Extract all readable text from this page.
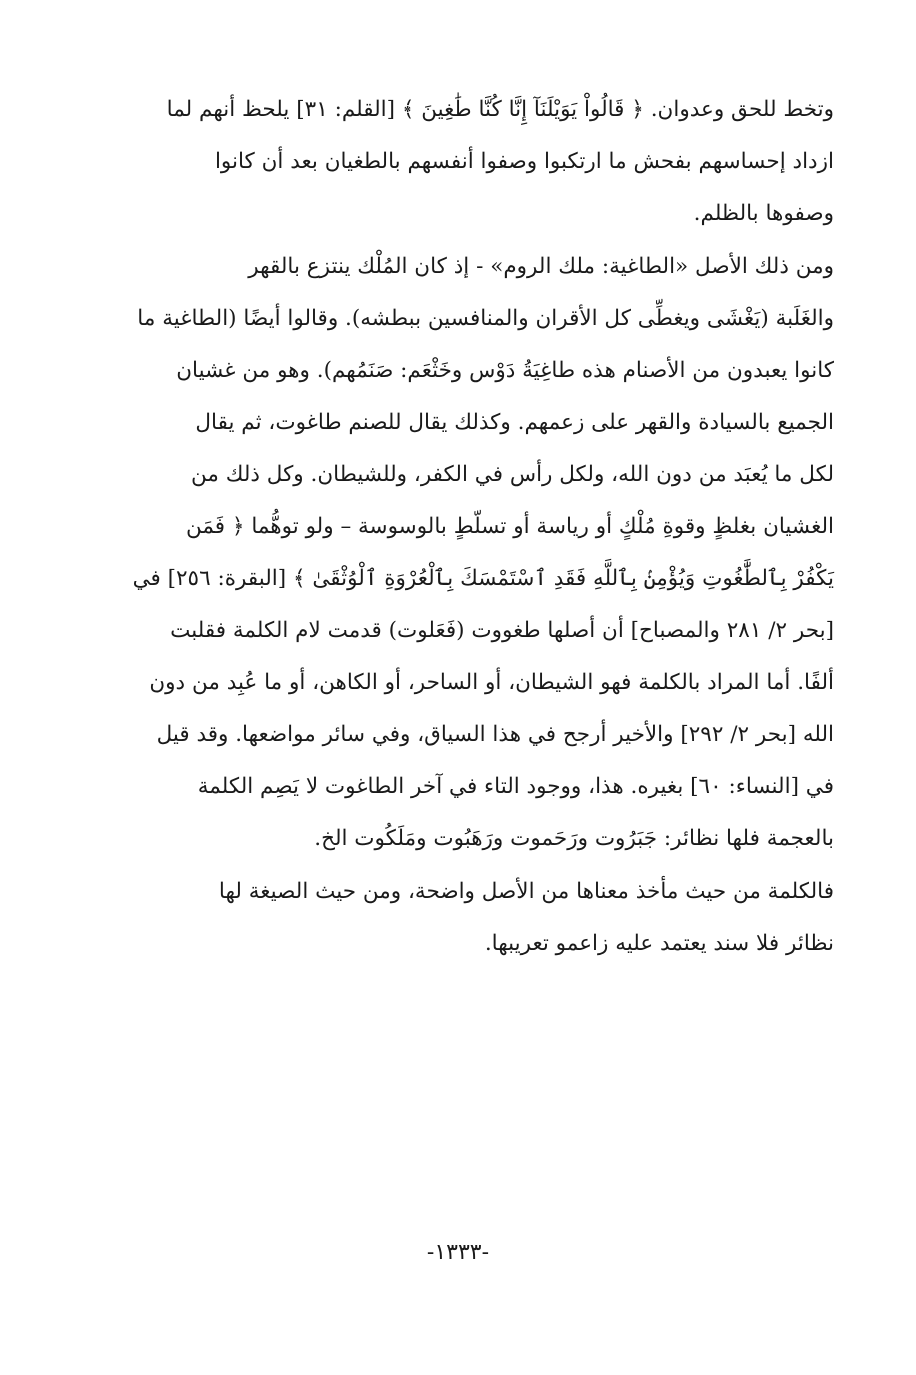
وتخط للحق وعدوان. ﴿ قَالُواْ يَوَيْلَنَآ إِنَّا كُنَّا طَٰغِينَ ﴾ [القلم: ٣١] يلحظ أنهم لما
ازداد إحساسهم بفحش ما ارتكبوا وصفوا أنفسهم بالطغيان بعد أن كانوا
وصفوها بالظلم.

ومن ذلك الأصل «الطاغية: ملك الروم» - إذ كان المُلْك ينتزع بالقهر
والغَلَبة (يَغْشَى ويغطِّى كل الأقران والمنافسين ببطشه). وقالوا أيضًا (الطاغية ما
كانوا يعبدون من الأصنام هذه طاغِيَةُ دَوْس وخَثْعَم: صَنَمُهم). وهو من غشيان
الجميع بالسيادة والقهر على زعمهم. وكذلك يقال للصنم طاغوت، ثم يقال
لكل ما يُعبَد من دون الله، ولكل رأس في الكفر، وللشيطان. وكل ذلك من
الغشيان بغلظٍ وقوةِ مُلْكٍ أو رياسة أو تسلّطٍ بالوسوسة – ولو توهُّما ﴿ فَمَن
يَكْفُرْ بِٱلطَّٰغُوتِ وَيُؤْمِنۢ بِٱللَّهِ فَقَدِ ٱسْتَمْسَكَ بِٱلْعُرْوَةِ ٱلْوُثْقَىٰ ﴾ [البقرة: ٢٥٦] في
[بحر ٢/ ٢٨١ والمصباح] أن أصلها طغووت (فَعَلوت) قدمت لام الكلمة فقلبت
ألفًا. أما المراد بالكلمة فهو الشيطان، أو الساحر، أو الكاهن، أو ما عُبِد من دون
الله [بحر ٢/ ٢٩٢] والأخير أرجح في هذا السياق، وفي سائر مواضعها. وقد قيل
في [النساء: ٦٠] بغيره. هذا، ووجود التاء في آخر الطاغوت لا يَصِم الكلمة
بالعجمة فلها نظائر: جَبَرُوت ورَحَموت ورَهَبُوت ومَلَكُوت الخ.

فالكلمة من حيث مأخذ معناها من الأصل واضحة، ومن حيث الصيغة لها
نظائر فلا سند يعتمد عليه زاعمو تعريبها.

-١٣٣٣-
